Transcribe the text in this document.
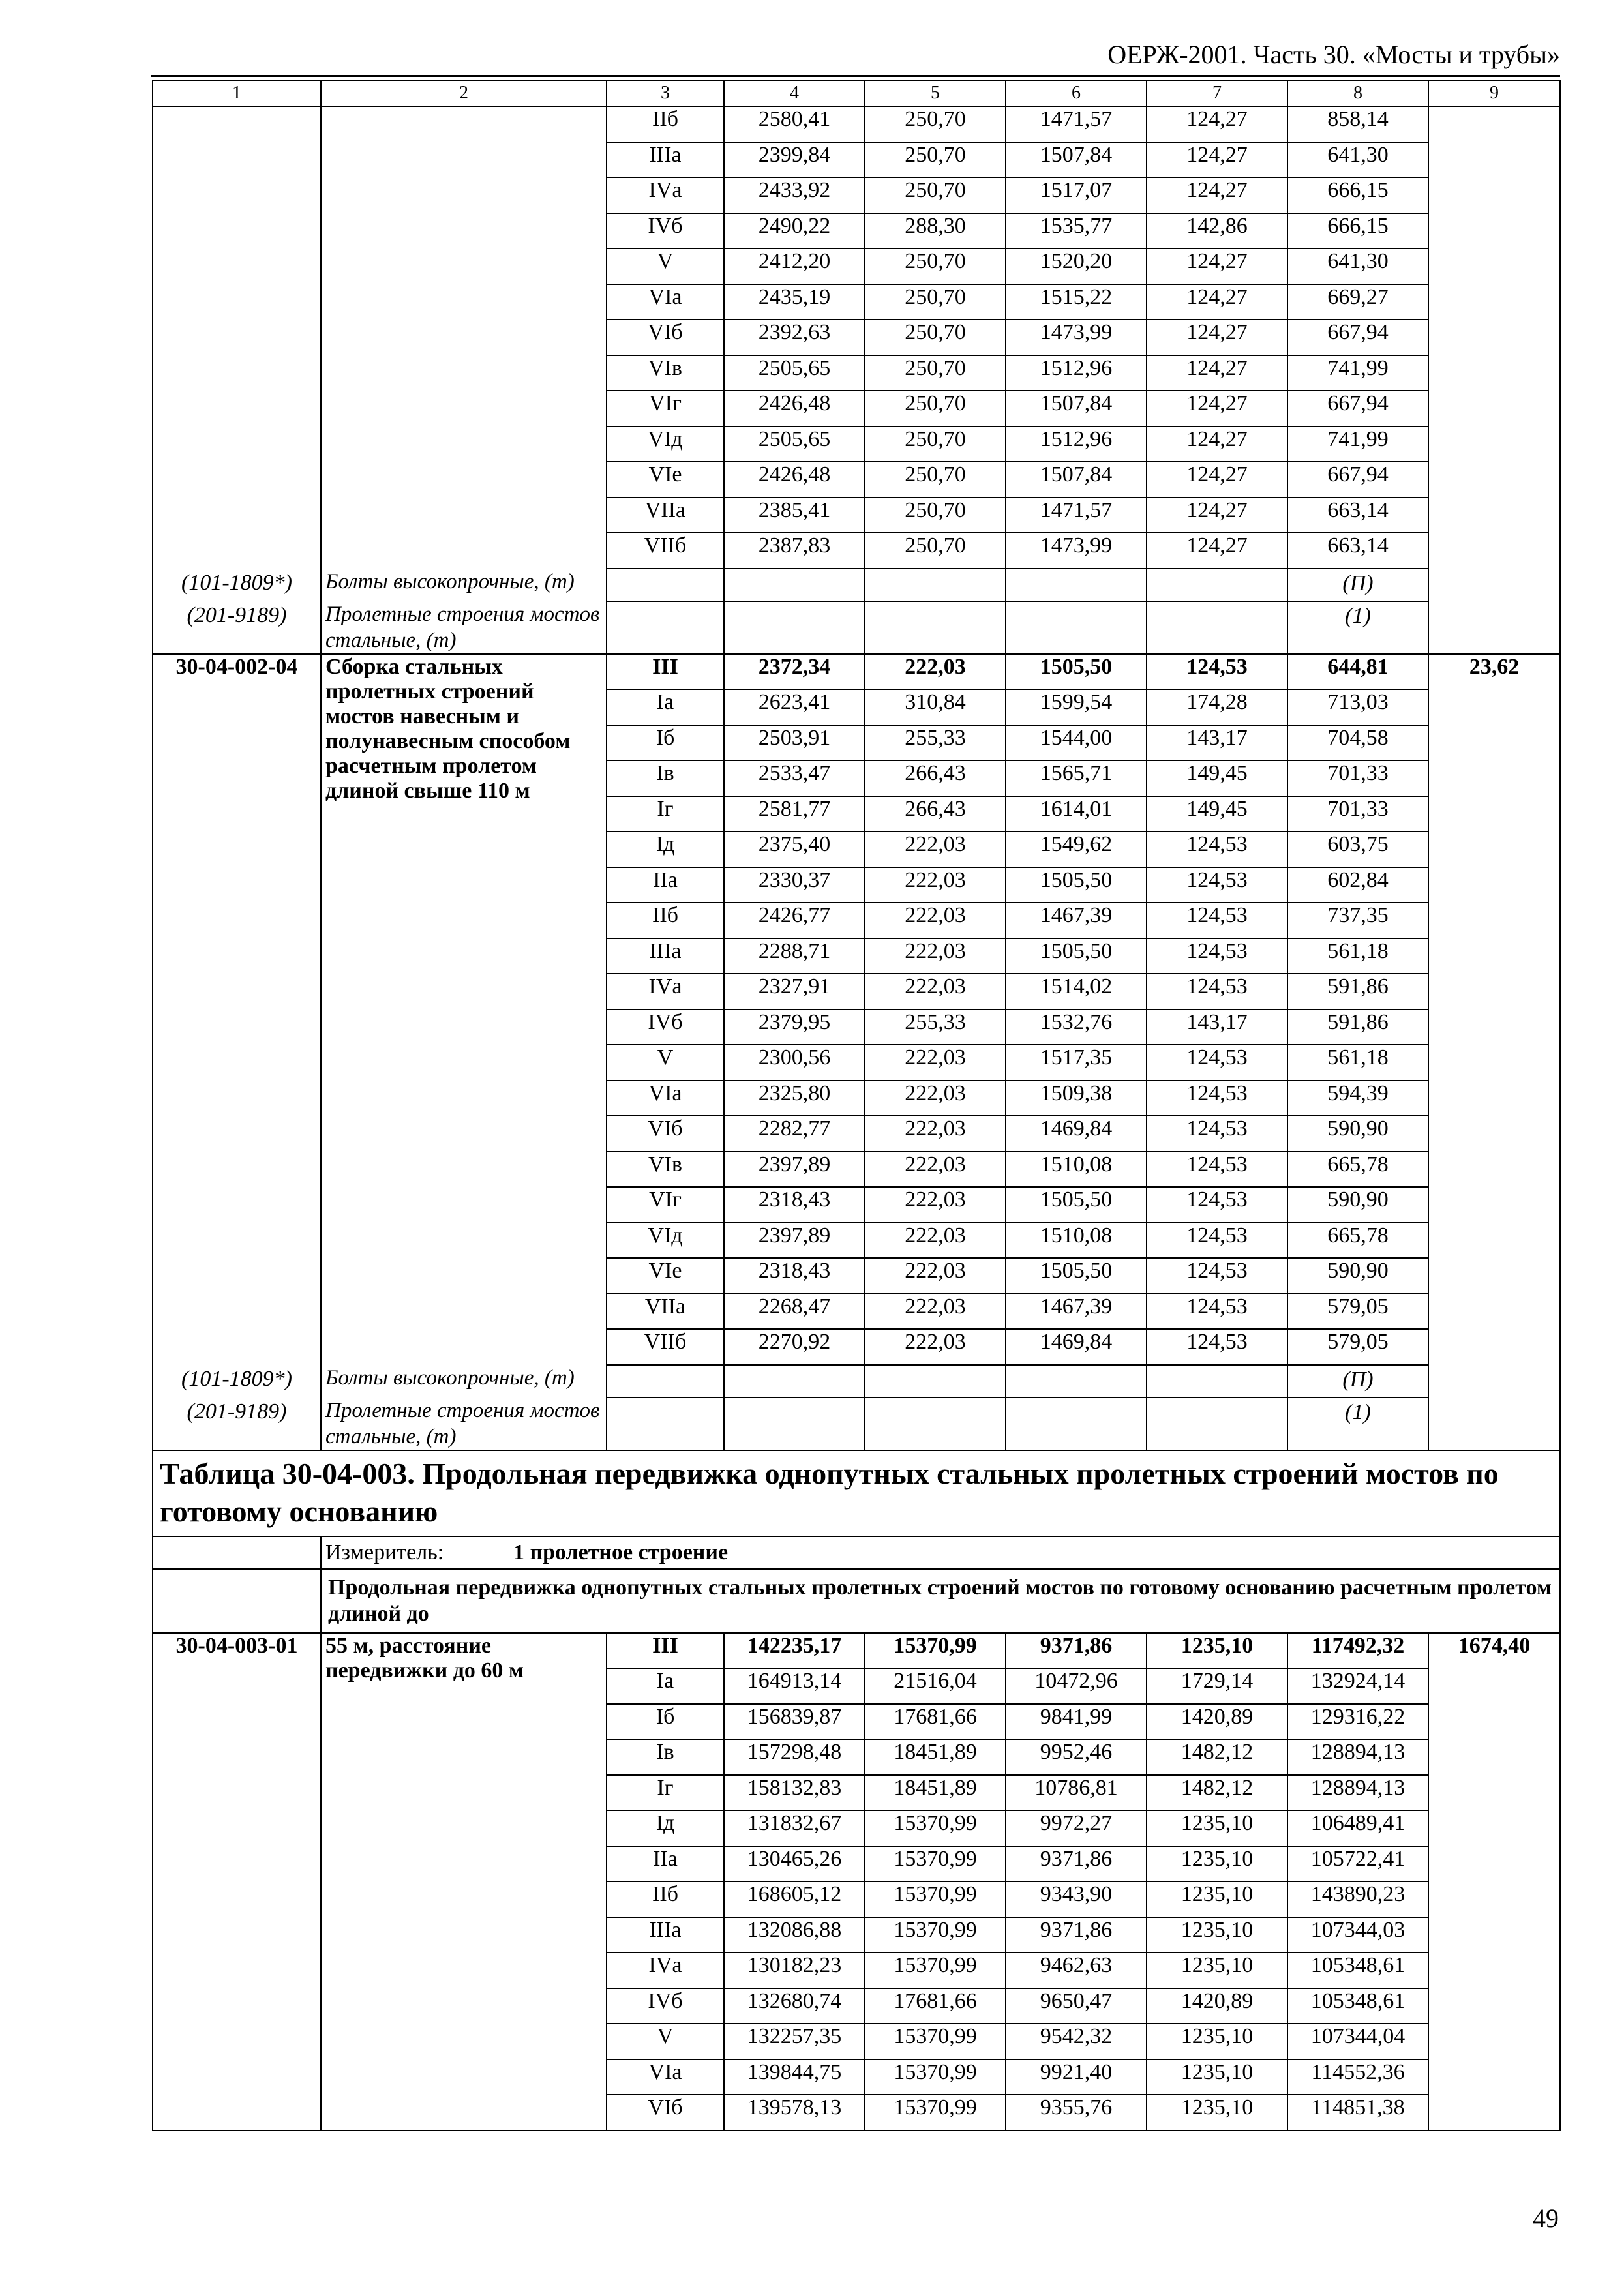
ОЕРЖ-2001. Часть 30. «Мосты и трубы»
1	2	3	4	5	6	7	8	9
		IIб	2580,41	250,70	1471,57	124,27	858,14	
		IIIа	2399,84	250,70	1507,84	124,27	641,30	
		IVа	2433,92	250,70	1517,07	124,27	666,15	
		IVб	2490,22	288,30	1535,77	142,86	666,15	
		V	2412,20	250,70	1520,20	124,27	641,30	
		VIа	2435,19	250,70	1515,22	124,27	669,27	
		VIб	2392,63	250,70	1473,99	124,27	667,94	
		VIв	2505,65	250,70	1512,96	124,27	741,99	
		VIг	2426,48	250,70	1507,84	124,27	667,94	
		VIд	2505,65	250,70	1512,96	124,27	741,99	
		VIе	2426,48	250,70	1507,84	124,27	667,94	
		VIIа	2385,41	250,70	1471,57	124,27	663,14	
		VIIб	2387,83	250,70	1473,99	124,27	663,14	
(101-1809*)	Болты высокопрочные, (т)						(П)	
(201-9189)	Пролетные строения мостов стальные, (т)						(1)	
30-04-002-04	Сборка стальных пролетных строений мостов навесным и полунавесным способом расчетным пролетом длиной свыше 110 м	III	2372,34	222,03	1505,50	124,53	644,81	23,62
		Iа	2623,41	310,84	1599,54	174,28	713,03	
		Iб	2503,91	255,33	1544,00	143,17	704,58	
		Iв	2533,47	266,43	1565,71	149,45	701,33	
		Iг	2581,77	266,43	1614,01	149,45	701,33	
		Iд	2375,40	222,03	1549,62	124,53	603,75	
		IIа	2330,37	222,03	1505,50	124,53	602,84	
		IIб	2426,77	222,03	1467,39	124,53	737,35	
		IIIа	2288,71	222,03	1505,50	124,53	561,18	
		IVа	2327,91	222,03	1514,02	124,53	591,86	
		IVб	2379,95	255,33	1532,76	143,17	591,86	
		V	2300,56	222,03	1517,35	124,53	561,18	
		VIа	2325,80	222,03	1509,38	124,53	594,39	
		VIб	2282,77	222,03	1469,84	124,53	590,90	
		VIв	2397,89	222,03	1510,08	124,53	665,78	
		VIг	2318,43	222,03	1505,50	124,53	590,90	
		VIд	2397,89	222,03	1510,08	124,53	665,78	
		VIе	2318,43	222,03	1505,50	124,53	590,90	
		VIIа	2268,47	222,03	1467,39	124,53	579,05	
		VIIб	2270,92	222,03	1469,84	124,53	579,05	
(101-1809*)	Болты высокопрочные, (т)						(П)	
(201-9189)	Пролетные строения мостов стальные, (т)						(1)	
Таблица 30-04-003. Продольная передвижка однопутных стальных пролетных строений мостов по готовому основанию								
	Измеритель: 1 пролетное строение							
	Продольная передвижка однопутных стальных пролетных строений мостов по готовому основанию расчетным пролетом длиной до							
30-04-003-01	55 м, расстояние передвижки до 60 м	III	142235,17	15370,99	9371,86	1235,10	117492,32	1674,40
		Iа	164913,14	21516,04	10472,96	1729,14	132924,14	
		Iб	156839,87	17681,66	9841,99	1420,89	129316,22	
		Iв	157298,48	18451,89	9952,46	1482,12	128894,13	
		Iг	158132,83	18451,89	10786,81	1482,12	128894,13	
		Iд	131832,67	15370,99	9972,27	1235,10	106489,41	
		IIа	130465,26	15370,99	9371,86	1235,10	105722,41	
		IIб	168605,12	15370,99	9343,90	1235,10	143890,23	
		IIIа	132086,88	15370,99	9371,86	1235,10	107344,03	
		IVа	130182,23	15370,99	9462,63	1235,10	105348,61	
		IVб	132680,74	17681,66	9650,47	1420,89	105348,61	
		V	132257,35	15370,99	9542,32	1235,10	107344,04	
		VIа	139844,75	15370,99	9921,40	1235,10	114552,36	
		VIб	139578,13	15370,99	9355,76	1235,10	114851,38	
49
